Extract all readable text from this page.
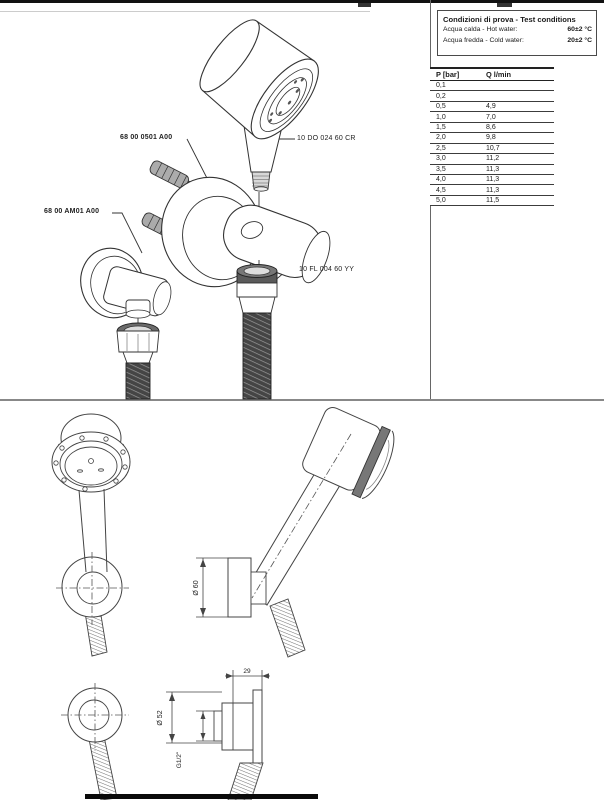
68 00 0501 A00
68 00 AM01 A00
10 DO 024 60 CR
10 FL 004 60 YY
Condizioni di prova - Test conditions
Acqua calda - Hot water:	60±2 °C
Acqua fredda - Cold water:	20±2 °C
P [bar]	Q l/min
0,1
0,2
0,5	4,9
1,0	7,0
1,5	8,6
2,0	9,8
2,5	10,7
3,0	11,2
3,5	11,3
4,0	11,3
4,5	11,3
5,0	11,5
Ø 60
29
Ø 52
G1/2"
